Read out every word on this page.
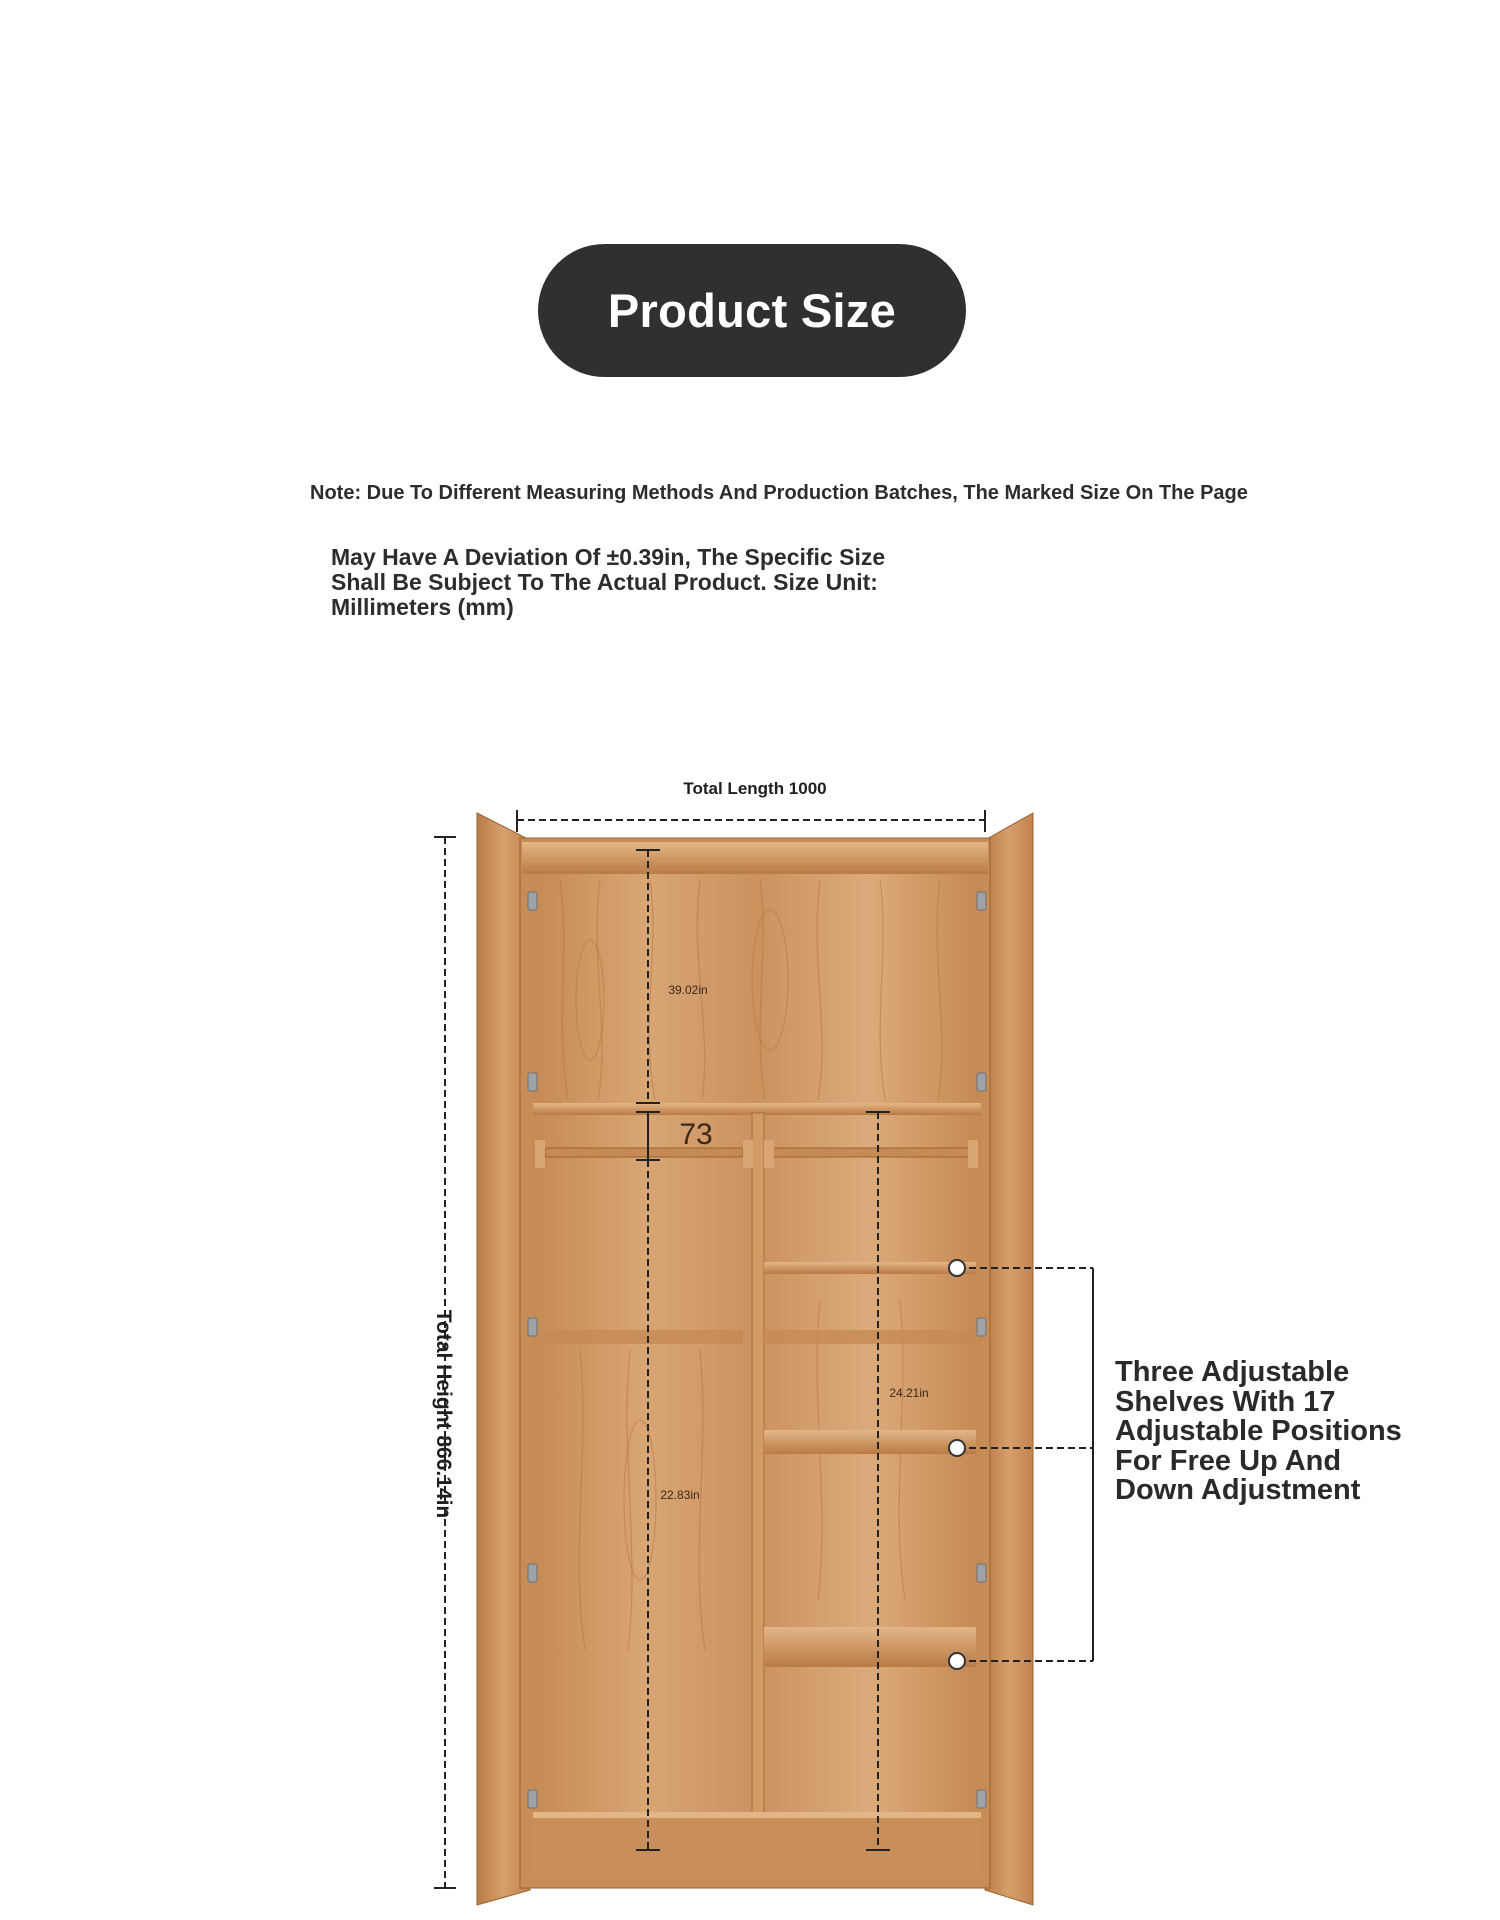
Product Size
Note: Due To Different Measuring Methods And Production Batches, The Marked Size On The Page
May Have A Deviation Of ±0.39in, The Specific Size Shall Be Subject To The Actual Product. Size Unit: Millimeters (mm)
Total Length 1000
Total Height 866.14in
39.02in
73
22.83in
24.21in
Three Adjustable Shelves With 17 Adjustable Positions For Free Up And Down Adjustment
